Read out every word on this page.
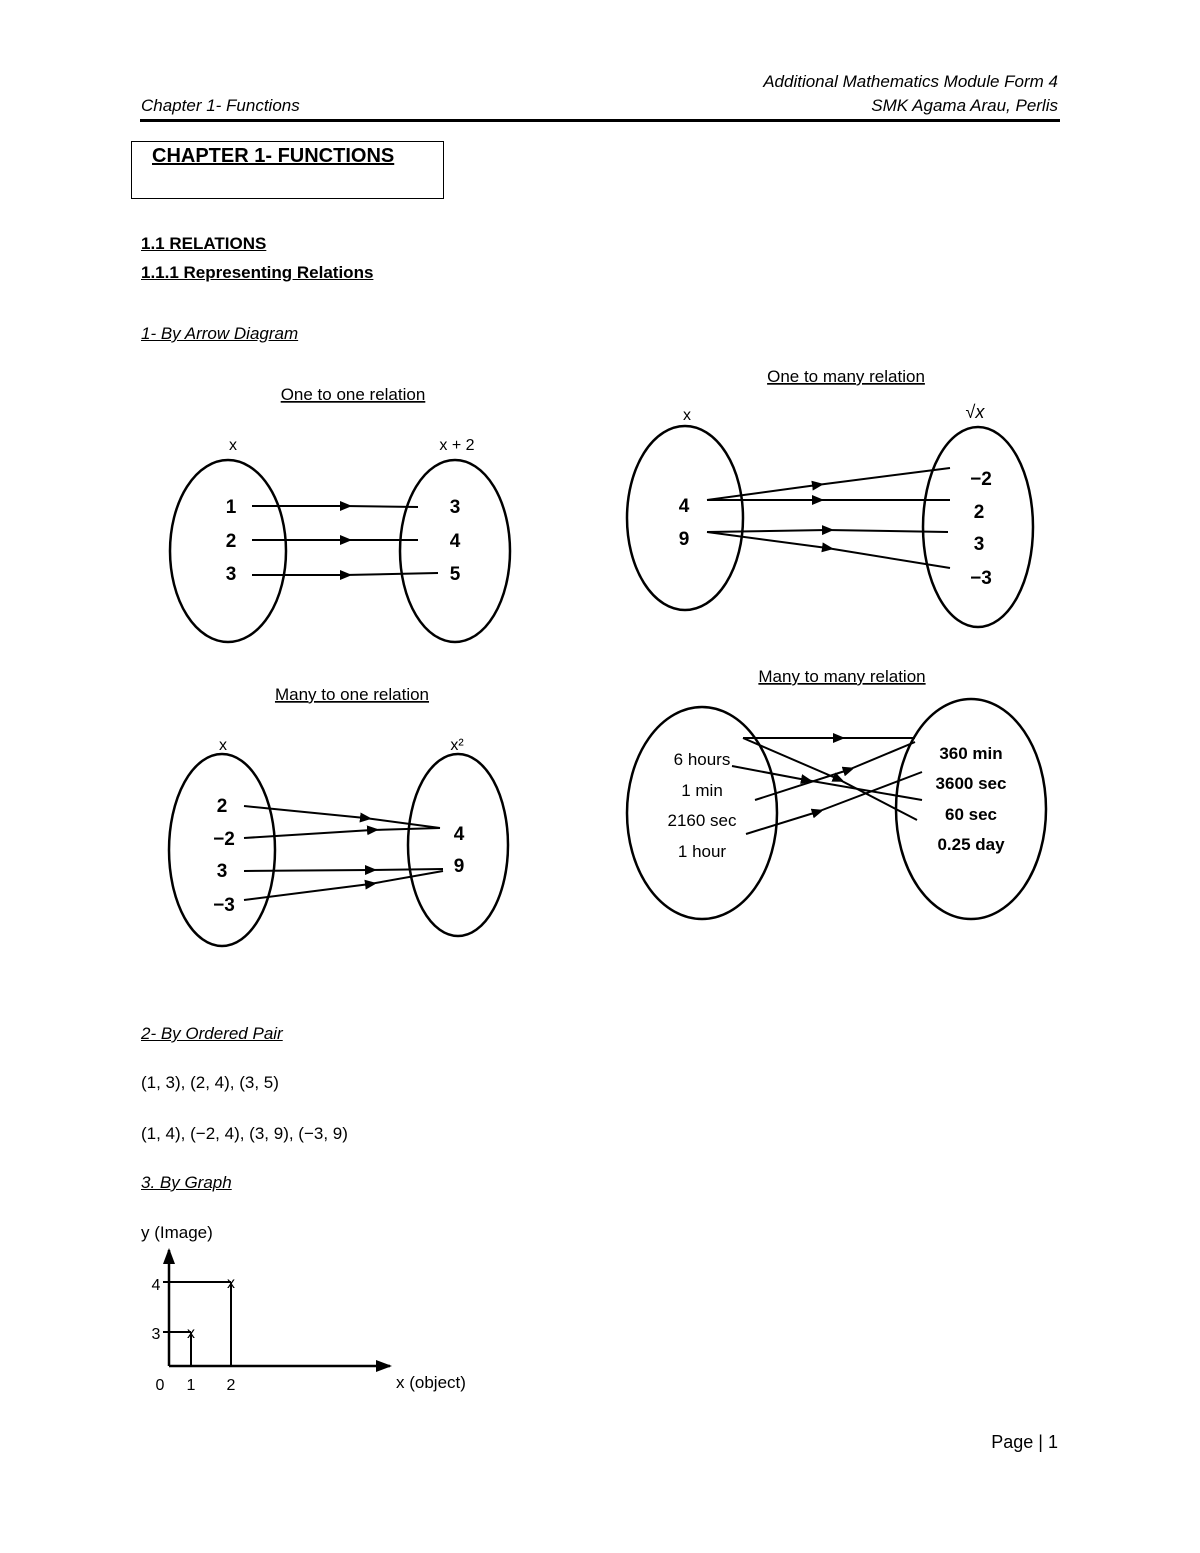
Additional Mathematics Module Form 4
SMK Agama Arau, Perlis
Chapter 1- Functions
CHAPTER 1- FUNCTIONS
1.1 RELATIONS
1.1.1 Representing Relations
1- By Arrow Diagram
One to one relation
x	x + 2
1
2
3
3
4
5
One to many relation
x	√x
4
9
−2
2
3
−3
Many to one relation
x	x²
2
−2
3
−3
4
9
Many to many relation
6 hours
1 min
2160 sec
1 hour
360 min
3600 sec
60 sec
0.25 day
2- By Ordered Pair
(1, 3), (2, 4), (3, 5)
(1, 4), (−2, 4), (3, 9), (−3, 9)
3. By Graph
y (Image)
4
3
0 1 2
x
x
x (object)
Page | 1
